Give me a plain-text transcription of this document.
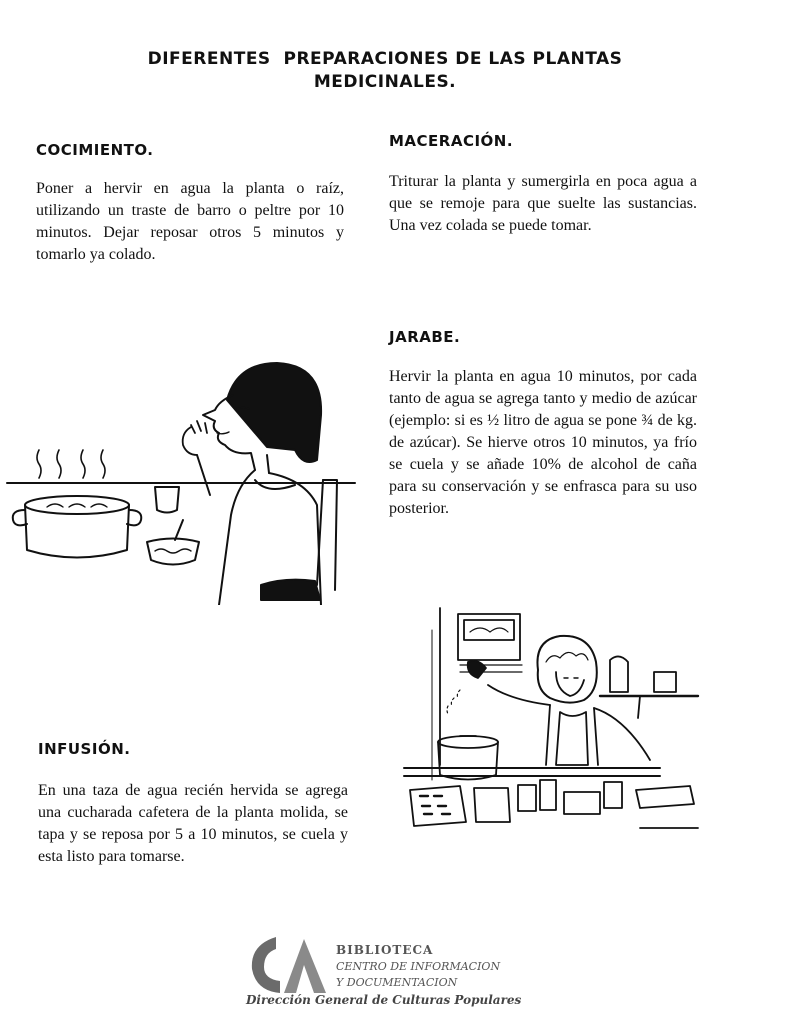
DIFERENTES  PREPARACIONES DE LAS PLANTAS
MEDICINALES.
COCIMIENTO.

Poner a hervir en agua la planta o raíz, utilizando un traste de barro o peltre por 10 minutos. Dejar reposar otros 5 minutos y tomarlo ya colado.

MACERACIÓN.

Triturar la planta y sumergirla en poca agua a que se remoje para que suelte las sustancias. Una vez colada se puede tomar.

JARABE.

Hervir la planta en agua 10 minutos, por cada tanto de agua se agrega tanto y medio de azúcar (ejemplo: si es ½ litro de agua se pone ¾ de kg. de azúcar). Se hierve otros 10 minutos, ya frío se cuela y se añade 10% de alcohol de caña para su conservación y se enfrasca para su uso posterior.

INFUSIÓN.

En una taza de agua recién hervida se agrega una cucharada cafetera de la planta molida, se tapa y se reposa por 5 a 10 minutos, se cuela y esta listo para tomarse.

BIBLIOTECA
CENTRO DE INFORMACION
Y DOCUMENTACION
Dirección General de Culturas Populares
